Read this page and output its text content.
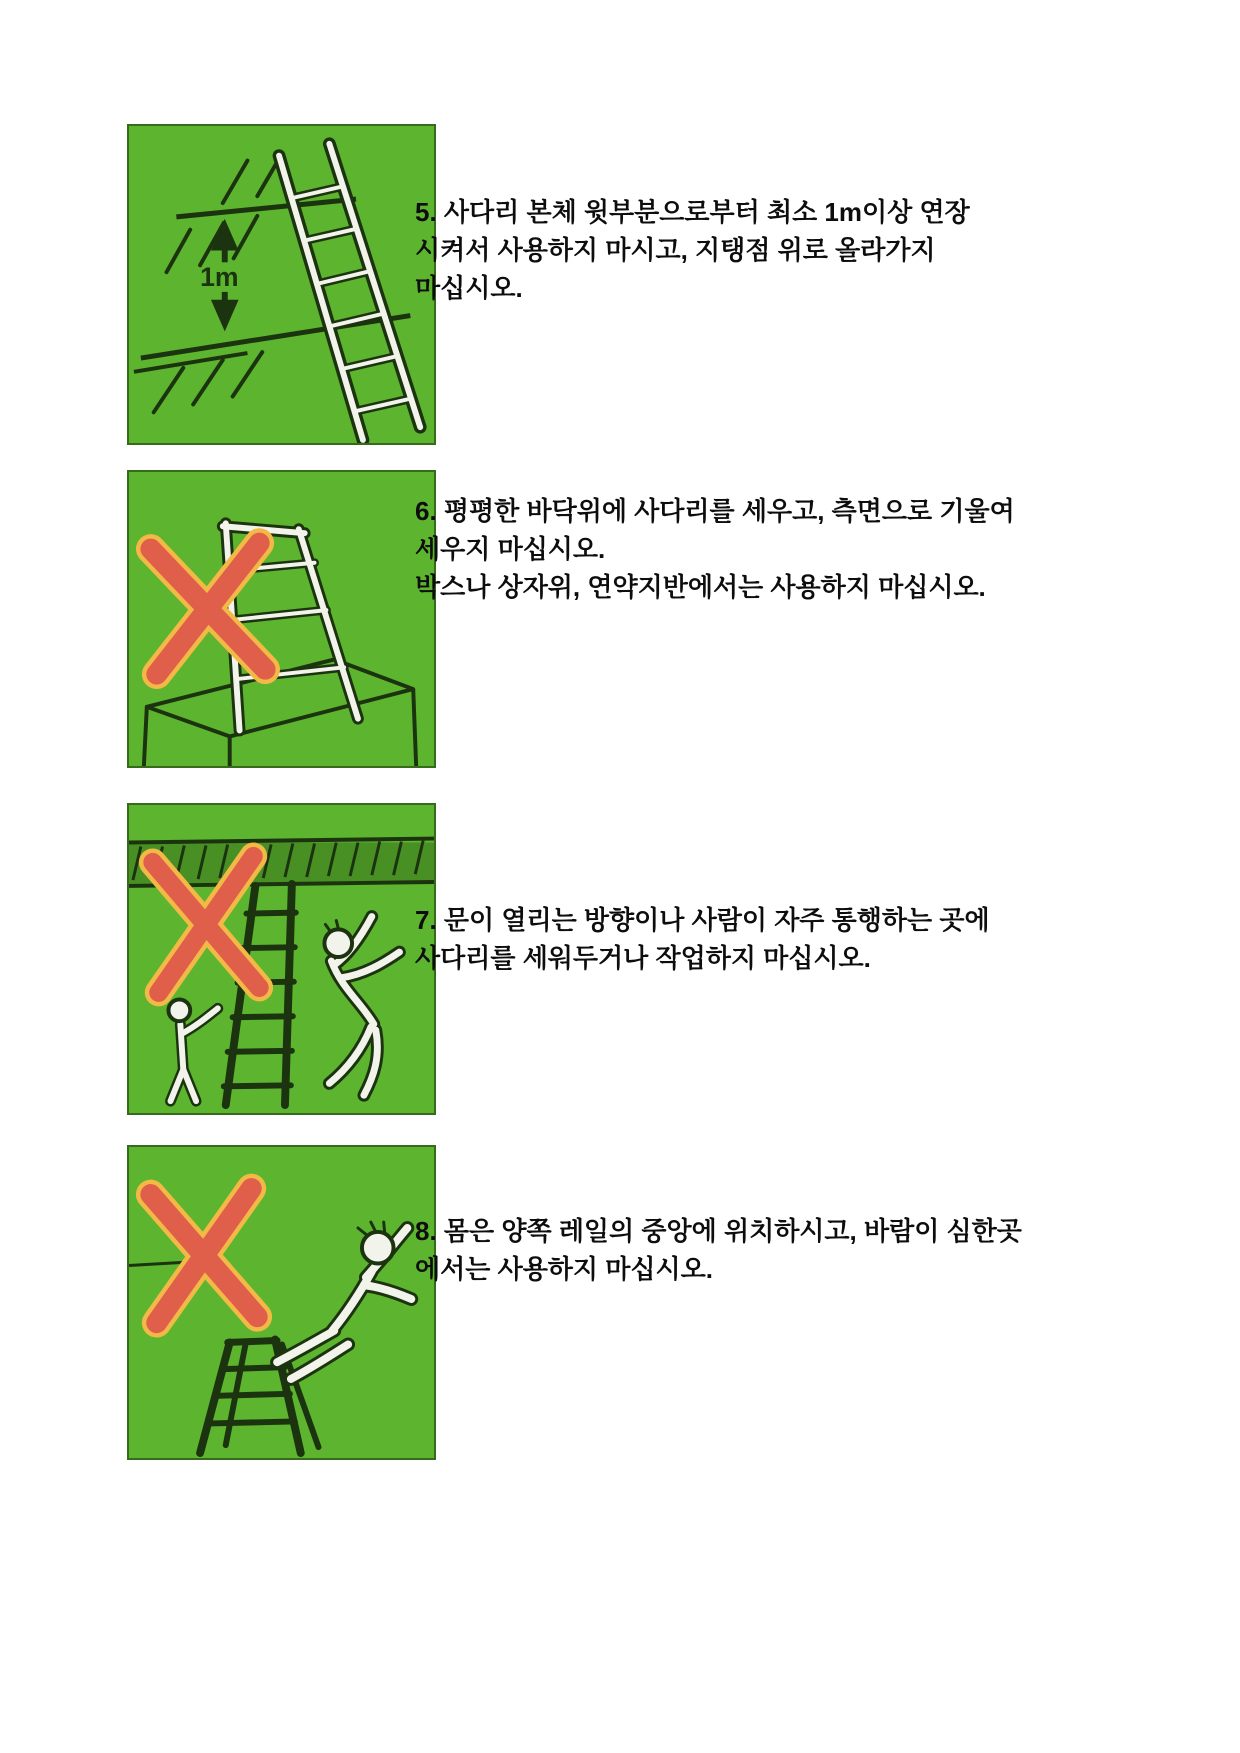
1m
5. 사다리 본체 윗부분으로부터 최소 1m이상 연장
시켜서 사용하지 마시고, 지탱점 위로 올라가지
마십시오.
6. 평평한 바닥위에 사다리를 세우고, 측면으로 기울여
세우지 마십시오.
박스나 상자위, 연약지반에서는 사용하지 마십시오.
7. 문이 열리는 방향이나 사람이 자주 통행하는 곳에
사다리를 세워두거나 작업하지 마십시오.
8. 몸은 양쪽 레일의 중앙에 위치하시고, 바람이 심한곳
에서는 사용하지 마십시오.
